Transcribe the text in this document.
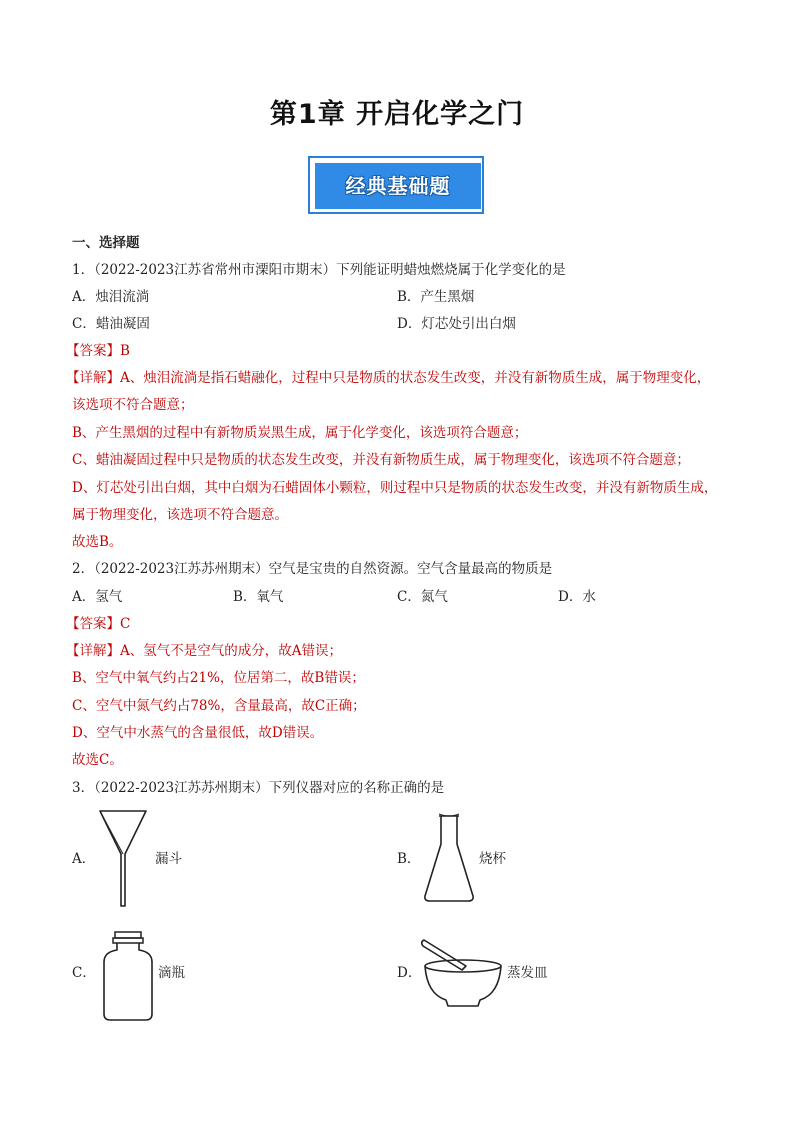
第1章 开启化学之门
经典基础题
一、选择题
1．（2022-2023江苏省常州市溧阳市期末）下列能证明蜡烛燃烧属于化学变化的是
A．烛泪流淌	B．产生黑烟
C．蜡油凝固	D．灯芯处引出白烟
【答案】B
【详解】A、烛泪流淌是指石蜡融化，过程中只是物质的状态发生改变，并没有新物质生成，属于物理变化，
该选项不符合题意；
B、产生黑烟的过程中有新物质炭黑生成，属于化学变化，该选项符合题意；
C、蜡油凝固过程中只是物质的状态发生改变，并没有新物质生成，属于物理变化，该选项不符合题意；
D、灯芯处引出白烟，其中白烟为石蜡固体小颗粒，则过程中只是物质的状态发生改变，并没有新物质生成，
属于物理变化，该选项不符合题意。
故选B。
2．（2022-2023江苏苏州期末）空气是宝贵的自然资源。空气含量最高的物质是
A．氢气	B．氧气	C．氮气	D．水
【答案】C
【详解】A、氢气不是空气的成分，故A错误；
B、空气中氧气约占21%，位居第二，故B错误；
C、空气中氮气约占78%，含量最高，故C正确；
D、空气中水蒸气的含量很低，故D错误。
故选C。
3．（2022-2023江苏苏州期末）下列仪器对应的名称正确的是
A．	漏斗	B．	烧杯
C．	滴瓶	D．	蒸发皿
